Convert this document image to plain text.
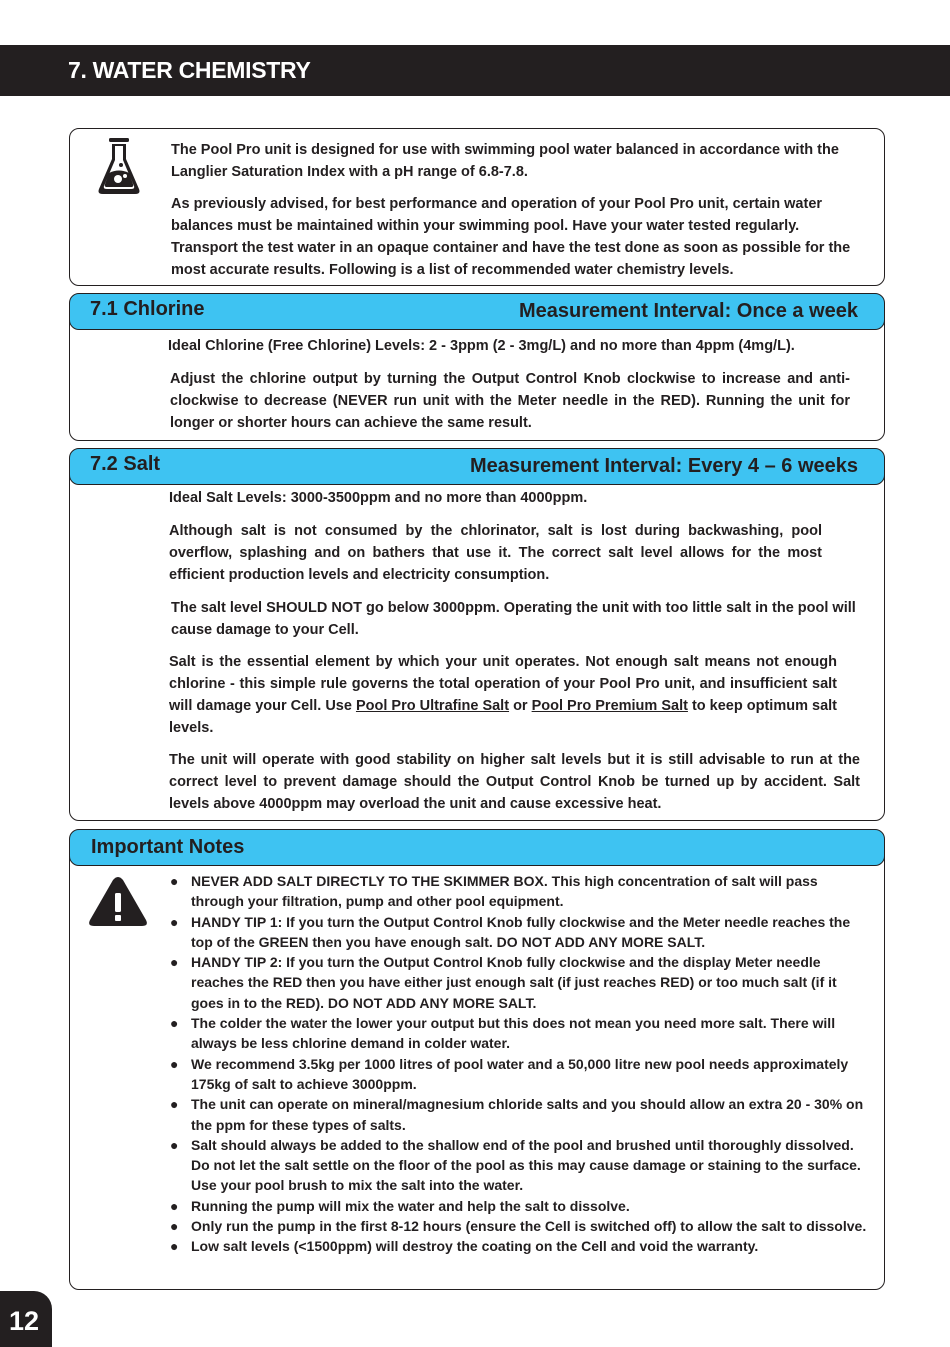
7. WATER CHEMISTRY

The Pool Pro unit is designed for use with swimming pool water balanced in accordance with the Langlier Saturation Index with a pH range of 6.8-7.8.

As previously advised, for best performance and operation of your Pool Pro unit, certain water balances must be maintained within your swimming pool. Have your water tested regularly. Transport the test water in an opaque container and have the test done as soon as possible for the most accurate results. Following is a list of recommended water chemistry levels.

7.1 Chlorine	Measurement Interval: Once a week

Ideal Chlorine (Free Chlorine) Levels: 2 - 3ppm (2 - 3mg/L) and no more than 4ppm (4mg/L).

Adjust the chlorine output by turning the Output Control Knob clockwise to increase and anti-clockwise to decrease (NEVER run unit with the Meter needle in the RED). Running the unit for longer or shorter hours can achieve the same result.

7.2 Salt	Measurement Interval: Every 4 – 6 weeks

Ideal Salt Levels: 3000-3500ppm and no more than 4000ppm.

Although salt is not consumed by the chlorinator, salt is lost during backwashing, pool overflow, splashing and on bathers that use it. The correct salt level allows for the most efficient production levels and electricity consumption.

The salt level SHOULD NOT go below 3000ppm. Operating the unit with too little salt in the pool will cause damage to your Cell.

Salt is the essential element by which your unit operates. Not enough salt means not enough chlorine - this simple rule governs the total operation of your Pool Pro unit, and insufficient salt will damage your Cell. Use Pool Pro Ultrafine Salt or Pool Pro Premium Salt to keep optimum salt levels.

The unit will operate with good stability on higher salt levels but it is still advisable to run at the correct level to prevent damage should the Output Control Knob be turned up by accident. Salt levels above 4000ppm may overload the unit and cause excessive heat.

Important Notes
● NEVER ADD SALT DIRECTLY TO THE SKIMMER BOX. This high concentration of salt will pass through your filtration, pump and other pool equipment.
● HANDY TIP 1: If you turn the Output Control Knob fully clockwise and the Meter needle reaches the top of the GREEN then you have enough salt. DO NOT ADD ANY MORE SALT.
● HANDY TIP 2: If you turn the Output Control Knob fully clockwise and the display Meter needle reaches the RED then you have either just enough salt (if just reaches RED) or too much salt (if it goes in to the RED). DO NOT ADD ANY MORE SALT.
● The colder the water the lower your output but this does not mean you need more salt. There will always be less chlorine demand in colder water.
● We recommend 3.5kg per 1000 litres of pool water and a 50,000 litre new pool needs approximately 175kg of salt to achieve 3000ppm.
● The unit can operate on mineral/magnesium chloride salts and you should allow an extra 20 - 30% on the ppm for these types of salts.
● Salt should always be added to the shallow end of the pool and brushed until thoroughly dissolved. Do not let the salt settle on the floor of the pool as this may cause damage or staining to the surface. Use your pool brush to mix the salt into the water.
● Running the pump will mix the water and help the salt to dissolve.
● Only run the pump in the first 8-12 hours (ensure the Cell is switched off) to allow the salt to dissolve.
● Low salt levels (<1500ppm) will destroy the coating on the Cell and void the warranty.
12
